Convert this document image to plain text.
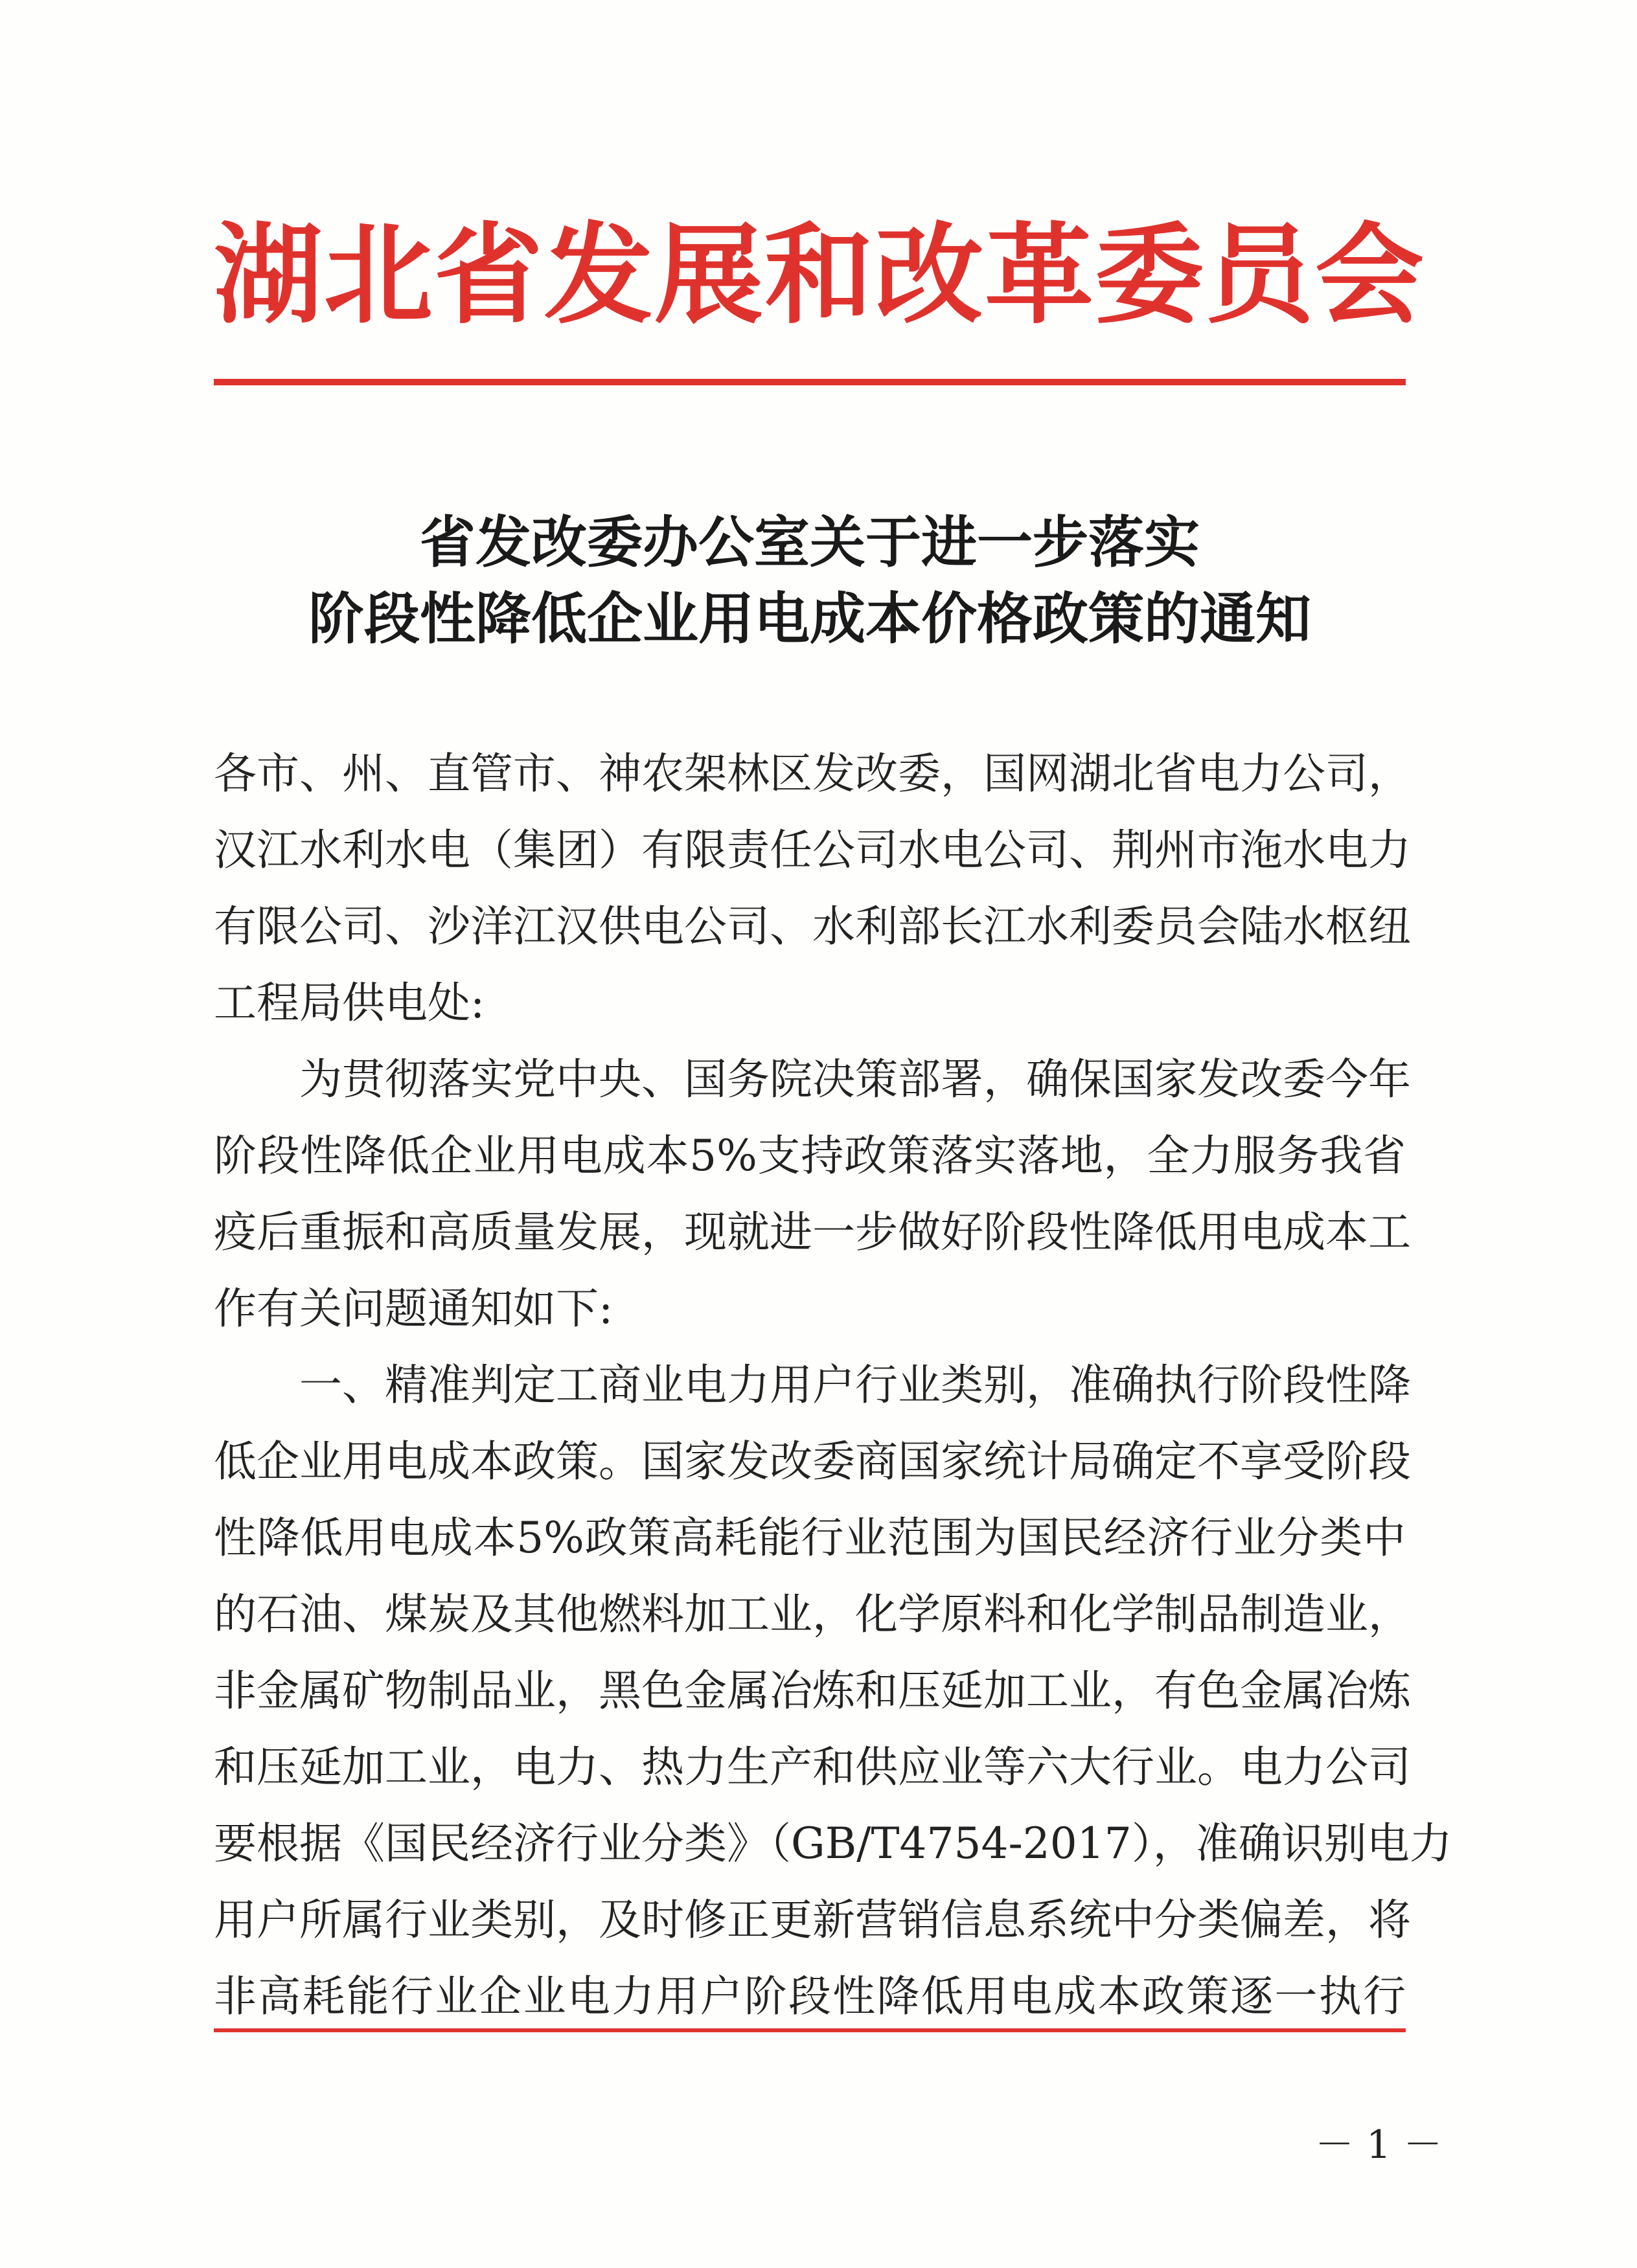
湖北省发展和改革委员会
省发改委办公室关于进一步落实
阶段性降低企业用电成本价格政策的通知
各市、州、直管市、神农架林区发改委，国网湖北省电力公司，
汉江水利水电（集团）有限责任公司水电公司、荆州市沲水电力
有限公司、沙洋江汉供电公司、水利部长江水利委员会陆水枢纽
工程局供电处:
为贯彻落实党中央、国务院决策部署，确保国家发改委今年
阶段性降低企业用电成本5%支持政策落实落地，全力服务我省
疫后重振和高质量发展，现就进一步做好阶段性降低用电成本工
作有关问题通知如下:
一、精准判定工商业电力用户行业类别，准确执行阶段性降
低企业用电成本政策。国家发改委商国家统计局确定不享受阶段
性降低用电成本5%政策高耗能行业范围为国民经济行业分类中
的石油、煤炭及其他燃料加工业，化学原料和化学制品制造业，
非金属矿物制品业，黑色金属冶炼和压延加工业，有色金属冶炼
和压延加工业，电力、热力生产和供应业等六大行业。电力公司
要根据《国民经济行业分类》（GB/T4754-2017），准确识别电力
用户所属行业类别，及时修正更新营销信息系统中分类偏差，将
非高耗能行业企业电力用户阶段性降低用电成本政策逐一执行
－ 1 －
